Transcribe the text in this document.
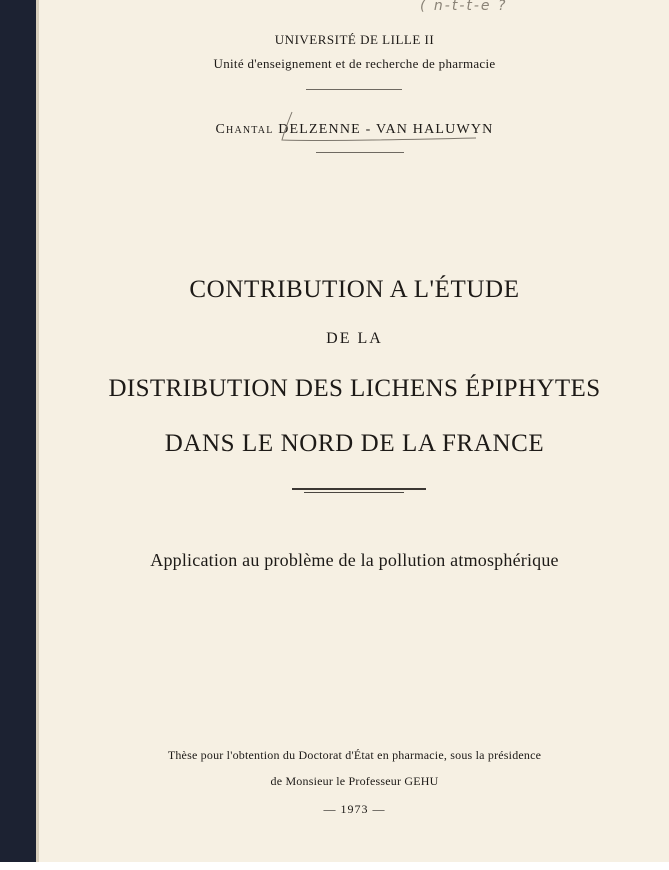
( n-t-t-e ?
UNIVERSITÉ DE LILLE II
Unité d'enseignement et de recherche de pharmacie
Chantal DELZENNE - VAN HALUWYN
CONTRIBUTION A L'ÉTUDE
DE LA
DISTRIBUTION DES LICHENS ÉPIPHYTES
DANS LE NORD DE LA FRANCE
Application au problème de la pollution atmosphérique
Thèse pour l'obtention du Doctorat d'État en pharmacie, sous la présidence
de Monsieur le Professeur GEHU
— 1973 —
